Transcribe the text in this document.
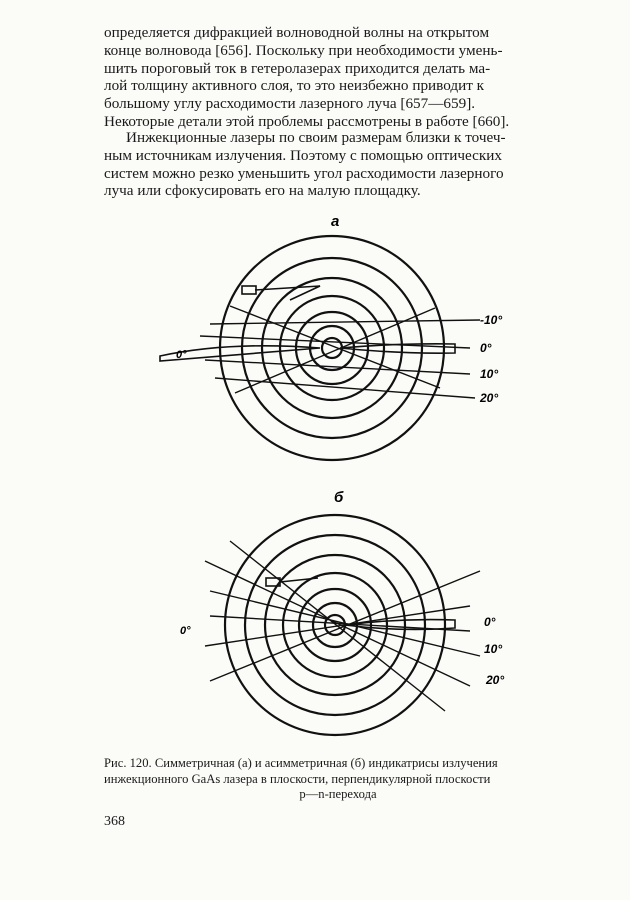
определяется дифракцией волноводной волны на открытом
конце волновода [656]. Поскольку при необходимости умень-
шить пороговый ток в гетеролазерах приходится делать ма-
лой толщину активного слоя, то это неизбежно приводит к
большому углу расходимости лазерного луча [657—659].
Некоторые детали этой проблемы рассмотрены в работе [660].

Инжекционные лазеры по своим размерам близки к точеч-
ным источникам излучения. Поэтому с помощью оптических
систем можно резко уменьшить угол расходимости лазерного
луча или сфокусировать его на малую площадку.

а
0°
-10°
0°
10°
20°
б
0°
0°
10°
20°
Рис. 120. Симметричная (а) и асимметричная (б) индикатрисы излучения
инжекционного GaAs лазера в плоскости, перпендикулярной плоскости
p—n-перехода
368
